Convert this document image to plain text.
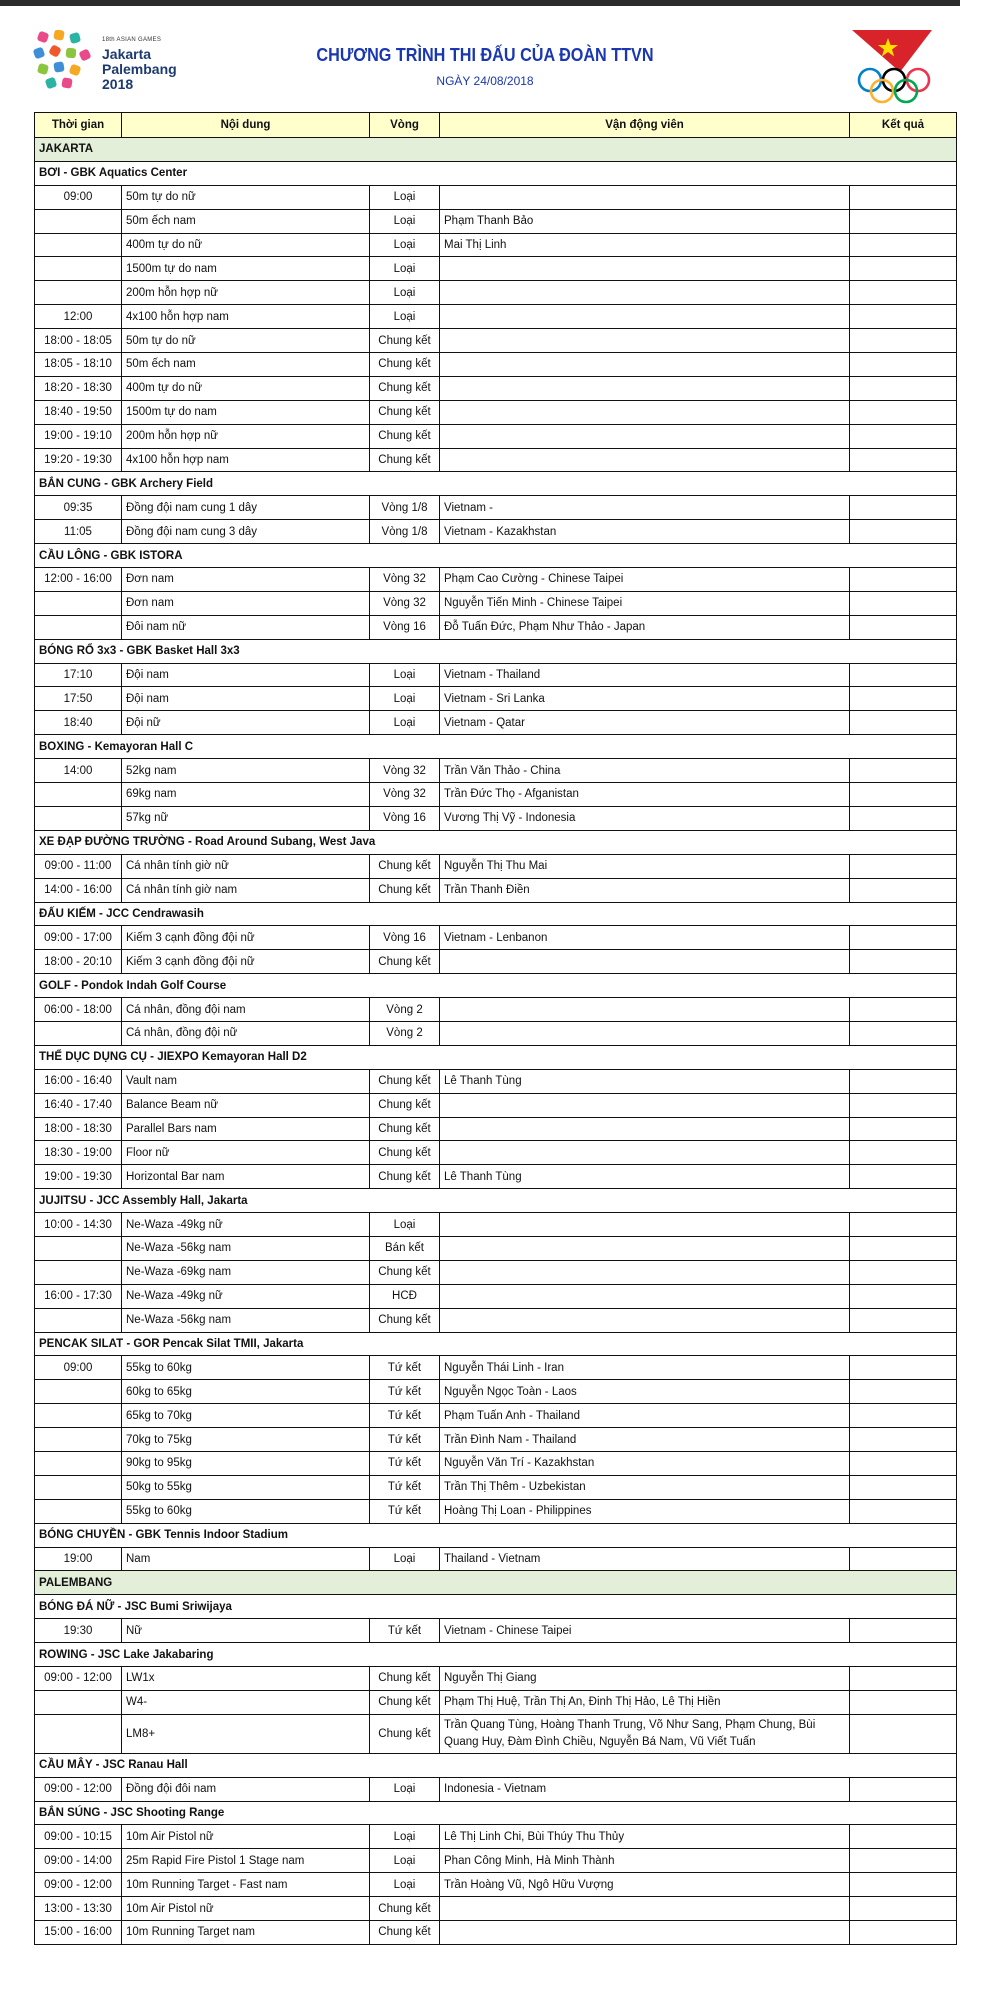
18th ASIAN GAMES
Jakarta
Palembang
2018
CHƯƠNG TRÌNH THI ĐẤU CỦA ĐOÀN TTVN
NGÀY 24/08/2018
Thời gian	Nội dung	Vòng	Vận động viên	Kết quả
JAKARTA				
BƠI - GBK Aquatics Center				
09:00	50m tự do nữ	Loại		
	50m ếch nam	Loại	Phạm Thanh Bảo	
	400m tự do nữ	Loại	Mai Thị Linh	
	1500m tự do nam	Loại		
	200m hỗn hợp nữ	Loại		
12:00	4x100 hỗn hợp nam	Loại		
18:00 - 18:05	50m tự do nữ	Chung kết		
18:05 - 18:10	50m ếch nam	Chung kết		
18:20 - 18:30	400m tự do nữ	Chung kết		
18:40 - 19:50	1500m tự do nam	Chung kết		
19:00 - 19:10	200m hỗn hợp nữ	Chung kết		
19:20 - 19:30	4x100 hỗn hợp nam	Chung kết		
BẮN CUNG - GBK Archery Field				
09:35	Đồng đội nam cung 1 dây	Vòng 1/8	Vietnam -	
11:05	Đồng đội nam cung 3 dây	Vòng 1/8	Vietnam - Kazakhstan	
CẦU LÔNG - GBK ISTORA				
12:00 - 16:00	Đơn nam	Vòng 32	Phạm Cao Cường - Chinese Taipei	
	Đơn nam	Vòng 32	Nguyễn Tiến Minh - Chinese Taipei	
	Đôi nam nữ	Vòng 16	Đỗ Tuấn Đức, Phạm Như Thảo - Japan	
BÓNG RỔ 3x3 - GBK Basket Hall 3x3				
17:10	Đội nam	Loại	Vietnam - Thailand	
17:50	Đội nam	Loại	Vietnam - Sri Lanka	
18:40	Đội nữ	Loại	Vietnam - Qatar	
BOXING - Kemayoran Hall C				
14:00	52kg nam	Vòng 32	Trần Văn Thảo - China	
	69kg nam	Vòng 32	Trần Đức Thọ - Afganistan	
	57kg nữ	Vòng 16	Vương Thị Vỹ - Indonesia	
XE ĐẠP ĐƯỜNG TRƯỜNG - Road Around Subang, West Java				
09:00 - 11:00	Cá nhân tính giờ nữ	Chung kết	Nguyễn Thị Thu Mai	
14:00 - 16:00	Cá nhân tính giờ nam	Chung kết	Trần Thanh Điền	
ĐẤU KIẾM - JCC Cendrawasih				
09:00 - 17:00	Kiếm 3 cạnh đồng đội nữ	Vòng 16	Vietnam - Lenbanon	
18:00 - 20:10	Kiếm 3 cạnh đồng đội nữ	Chung kết		
GOLF - Pondok Indah Golf Course				
06:00 - 18:00	Cá nhân, đồng đội nam	Vòng 2		
	Cá nhân, đồng đội nữ	Vòng 2		
THỂ DỤC DỤNG CỤ - JIEXPO Kemayoran Hall D2				
16:00 - 16:40	Vault nam	Chung kết	Lê Thanh Tùng	
16:40 - 17:40	Balance Beam nữ	Chung kết		
18:00 - 18:30	Parallel Bars nam	Chung kết		
18:30 - 19:00	Floor nữ	Chung kết		
19:00 - 19:30	Horizontal Bar nam	Chung kết	Lê Thanh Tùng	
JUJITSU - JCC Assembly Hall, Jakarta				
10:00 - 14:30	Ne-Waza -49kg nữ	Loại		
	Ne-Waza -56kg nam	Bán kết		
	Ne-Waza -69kg nam	Chung kết		
16:00 - 17:30	Ne-Waza -49kg nữ	HCĐ		
	Ne-Waza -56kg nam	Chung kết		
PENCAK SILAT - GOR Pencak Silat TMII, Jakarta				
09:00	55kg to 60kg	Tứ kết	Nguyễn Thái Linh - Iran	
	60kg to 65kg	Tứ kết	Nguyễn Ngọc Toàn - Laos	
	65kg to 70kg	Tứ kết	Phạm Tuấn Anh - Thailand	
	70kg to 75kg	Tứ kết	Trần Đình Nam - Thailand	
	90kg to 95kg	Tứ kết	Nguyễn Văn Trí - Kazakhstan	
	50kg to 55kg	Tứ kết	Trần Thị Thêm - Uzbekistan	
	55kg to 60kg	Tứ kết	Hoàng Thị Loan - Philippines	
BÓNG CHUYỀN - GBK Tennis Indoor Stadium				
19:00	Nam	Loại	Thailand - Vietnam	
PALEMBANG				
BÓNG ĐÁ NỮ - JSC Bumi Sriwijaya				
19:30	Nữ	Tứ kết	Vietnam - Chinese Taipei	
ROWING - JSC Lake Jakabaring				
09:00 - 12:00	LW1x	Chung kết	Nguyễn Thị Giang	
	W4-	Chung kết	Phạm Thị Huệ, Trần Thị An, Đinh Thị Hảo, Lê Thị Hiền	
	LM8+	Chung kết	Trần Quang Tùng, Hoàng Thanh Trung, Võ Như Sang, Phạm Chung, Bùi Quang Huy, Đàm Đình Chiều, Nguyễn Bá Nam, Vũ Viết Tuấn	
CẦU MÂY - JSC Ranau Hall				
09:00 - 12:00	Đồng đội đôi nam	Loại	Indonesia - Vietnam	
BẮN SÚNG - JSC Shooting Range				
09:00 - 10:15	10m Air Pistol nữ	Loại	Lê Thị Linh Chi, Bùi Thúy Thu Thủy	
09:00 - 14:00	25m Rapid Fire Pistol 1 Stage nam	Loại	Phan Công Minh, Hà Minh Thành	
09:00 - 12:00	10m Running Target - Fast nam	Loại	Trần Hoàng Vũ, Ngô Hữu Vượng	
13:00 - 13:30	10m Air Pistol nữ	Chung kết		
15:00 - 16:00	10m Running Target nam	Chung kết		
